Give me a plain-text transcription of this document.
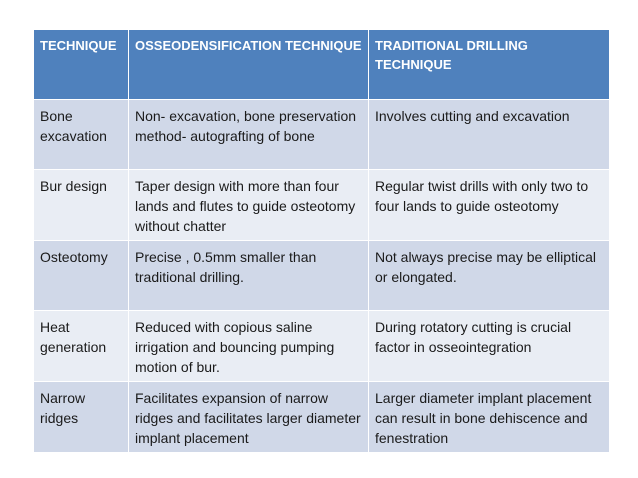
TECHNIQUE	OSSEODENSIFICATION TECHNIQUE	TRADITIONAL DRILLING TECHNIQUE
Bone excavation	Non- excavation, bone preservation method- autografting of bone	Involves cutting and excavation
Bur design	Taper design with more than four lands and flutes to guide osteotomy without chatter	Regular twist drills with only two to four lands to guide osteotomy
Osteotomy	Precise , 0.5mm smaller than traditional drilling.	Not always precise may be elliptical or elongated.
Heat generation	Reduced with copious saline irrigation and bouncing pumping motion of bur.	During rotatory cutting is crucial factor in osseointegration
Narrow ridges	Facilitates expansion of narrow ridges and facilitates larger diameter implant placement	Larger diameter implant placement can result in bone dehiscence and fenestration
